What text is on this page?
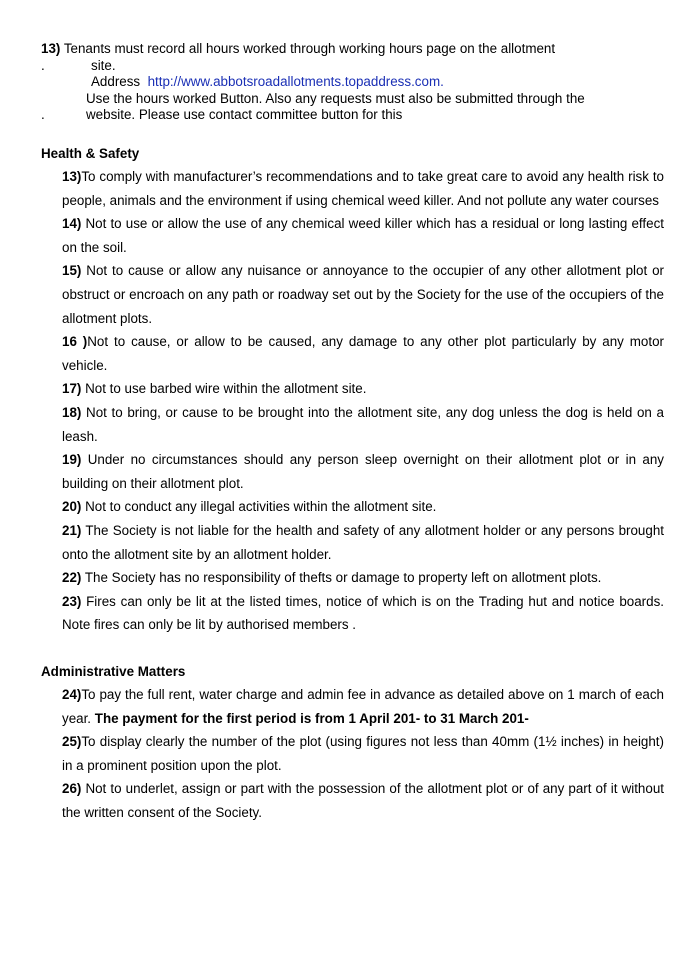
13) Tenants must record all hours worked through working hours page on the allotment
.	site.
Address http://www.abbotsroadallotments.topaddress.com.
Use the hours worked Button. Also any requests must also be submitted through the
.	website. Please use contact committee button for this
Health & Safety

13)To comply with manufacturer’s recommendations and to take great care to avoid any health risk to people, animals and the environment if using chemical weed killer. And not pollute any water courses

14) Not to use or allow the use of any chemical weed killer which has a residual or long lasting effect on the soil.

15) Not to cause or allow any nuisance or annoyance to the occupier of any other allotment plot or obstruct or encroach on any path or roadway set out by the Society for the use of the occupiers of the allotment plots.

16 )Not to cause, or allow to be caused, any damage to any other plot particularly by any motor vehicle.

17) Not to use barbed wire within the allotment site.

18) Not to bring, or cause to be brought into the allotment site, any dog unless the dog is held on a leash.

19) Under no circumstances should any person sleep overnight on their allotment plot or in any building on their allotment plot.

20) Not to conduct any illegal activities within the allotment site.

21) The Society is not liable for the health and safety of any allotment holder or any persons brought onto the allotment site by an allotment holder.

22) The Society has no responsibility of thefts or damage to property left on allotment plots.

23) Fires can only be lit at the listed times, notice of which is on the Trading hut and notice boards. Note fires can only be lit by authorised members .

Administrative Matters

24)To pay the full rent, water charge and admin fee in advance as detailed above on 1 march of each year. The payment for the first period is from 1 April 201- to 31 March 201-

25)To display clearly the number of the plot (using figures not less than 40mm (1½ inches) in height) in a prominent position upon the plot.

26) Not to underlet, assign or part with the possession of the allotment plot or of any part of it without the written consent of the Society.
